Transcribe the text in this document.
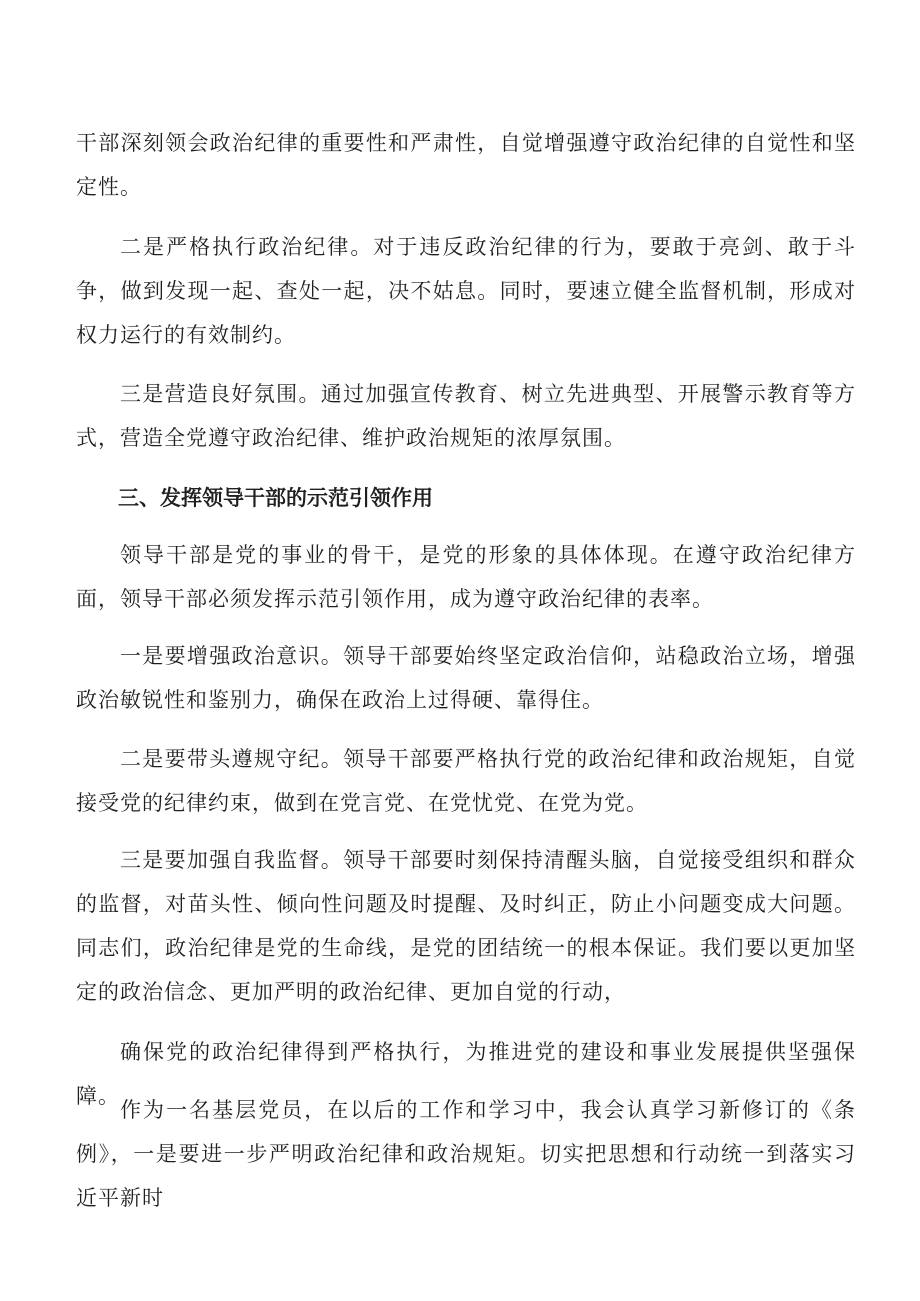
干部深刻领会政治纪律的重要性和严肃性，自觉增强遵守政治纪律的自觉性和坚定性。

二是严格执行政治纪律。对于违反政治纪律的行为，要敢于亮剑、敢于斗争，做到发现一起、查处一起，决不姑息。同时，要速立健全监督机制，形成对权力运行的有效制约。

三是营造良好氛围。通过加强宣传教育、树立先进典型、开展警示教育等方式，营造全党遵守政治纪律、维护政治规矩的浓厚氛围。

三、发挥领导干部的示范引领作用

领导干部是党的事业的骨干，是党的形象的具体体现。在遵守政治纪律方面，领导干部必须发挥示范引领作用，成为遵守政治纪律的表率。

一是要增强政治意识。领导干部要始终坚定政治信仰，站稳政治立场，增强政治敏锐性和鉴别力，确保在政治上过得硬、靠得住。

二是要带头遵规守纪。领导干部要严格执行党的政治纪律和政治规矩，自觉接受党的纪律约束，做到在党言党、在党忧党、在党为党。

三是要加强自我监督。领导干部要时刻保持清醒头脑，自觉接受组织和群众的监督，对苗头性、倾向性问题及时提醒、及时纠正，防止小问题变成大问题。同志们，政治纪律是党的生命线，是党的团结统一的根本保证。我们要以更加坚定的政治信念、更加严明的政治纪律、更加自觉的行动，

确保党的政治纪律得到严格执行，为推进党的建设和事业发展提供坚强保障。

作为一名基层党员，在以后的工作和学习中，我会认真学习新修订的《条例》，一是要进一步严明政治纪律和政治规矩。切实把思想和行动统一到落实习近平新时
